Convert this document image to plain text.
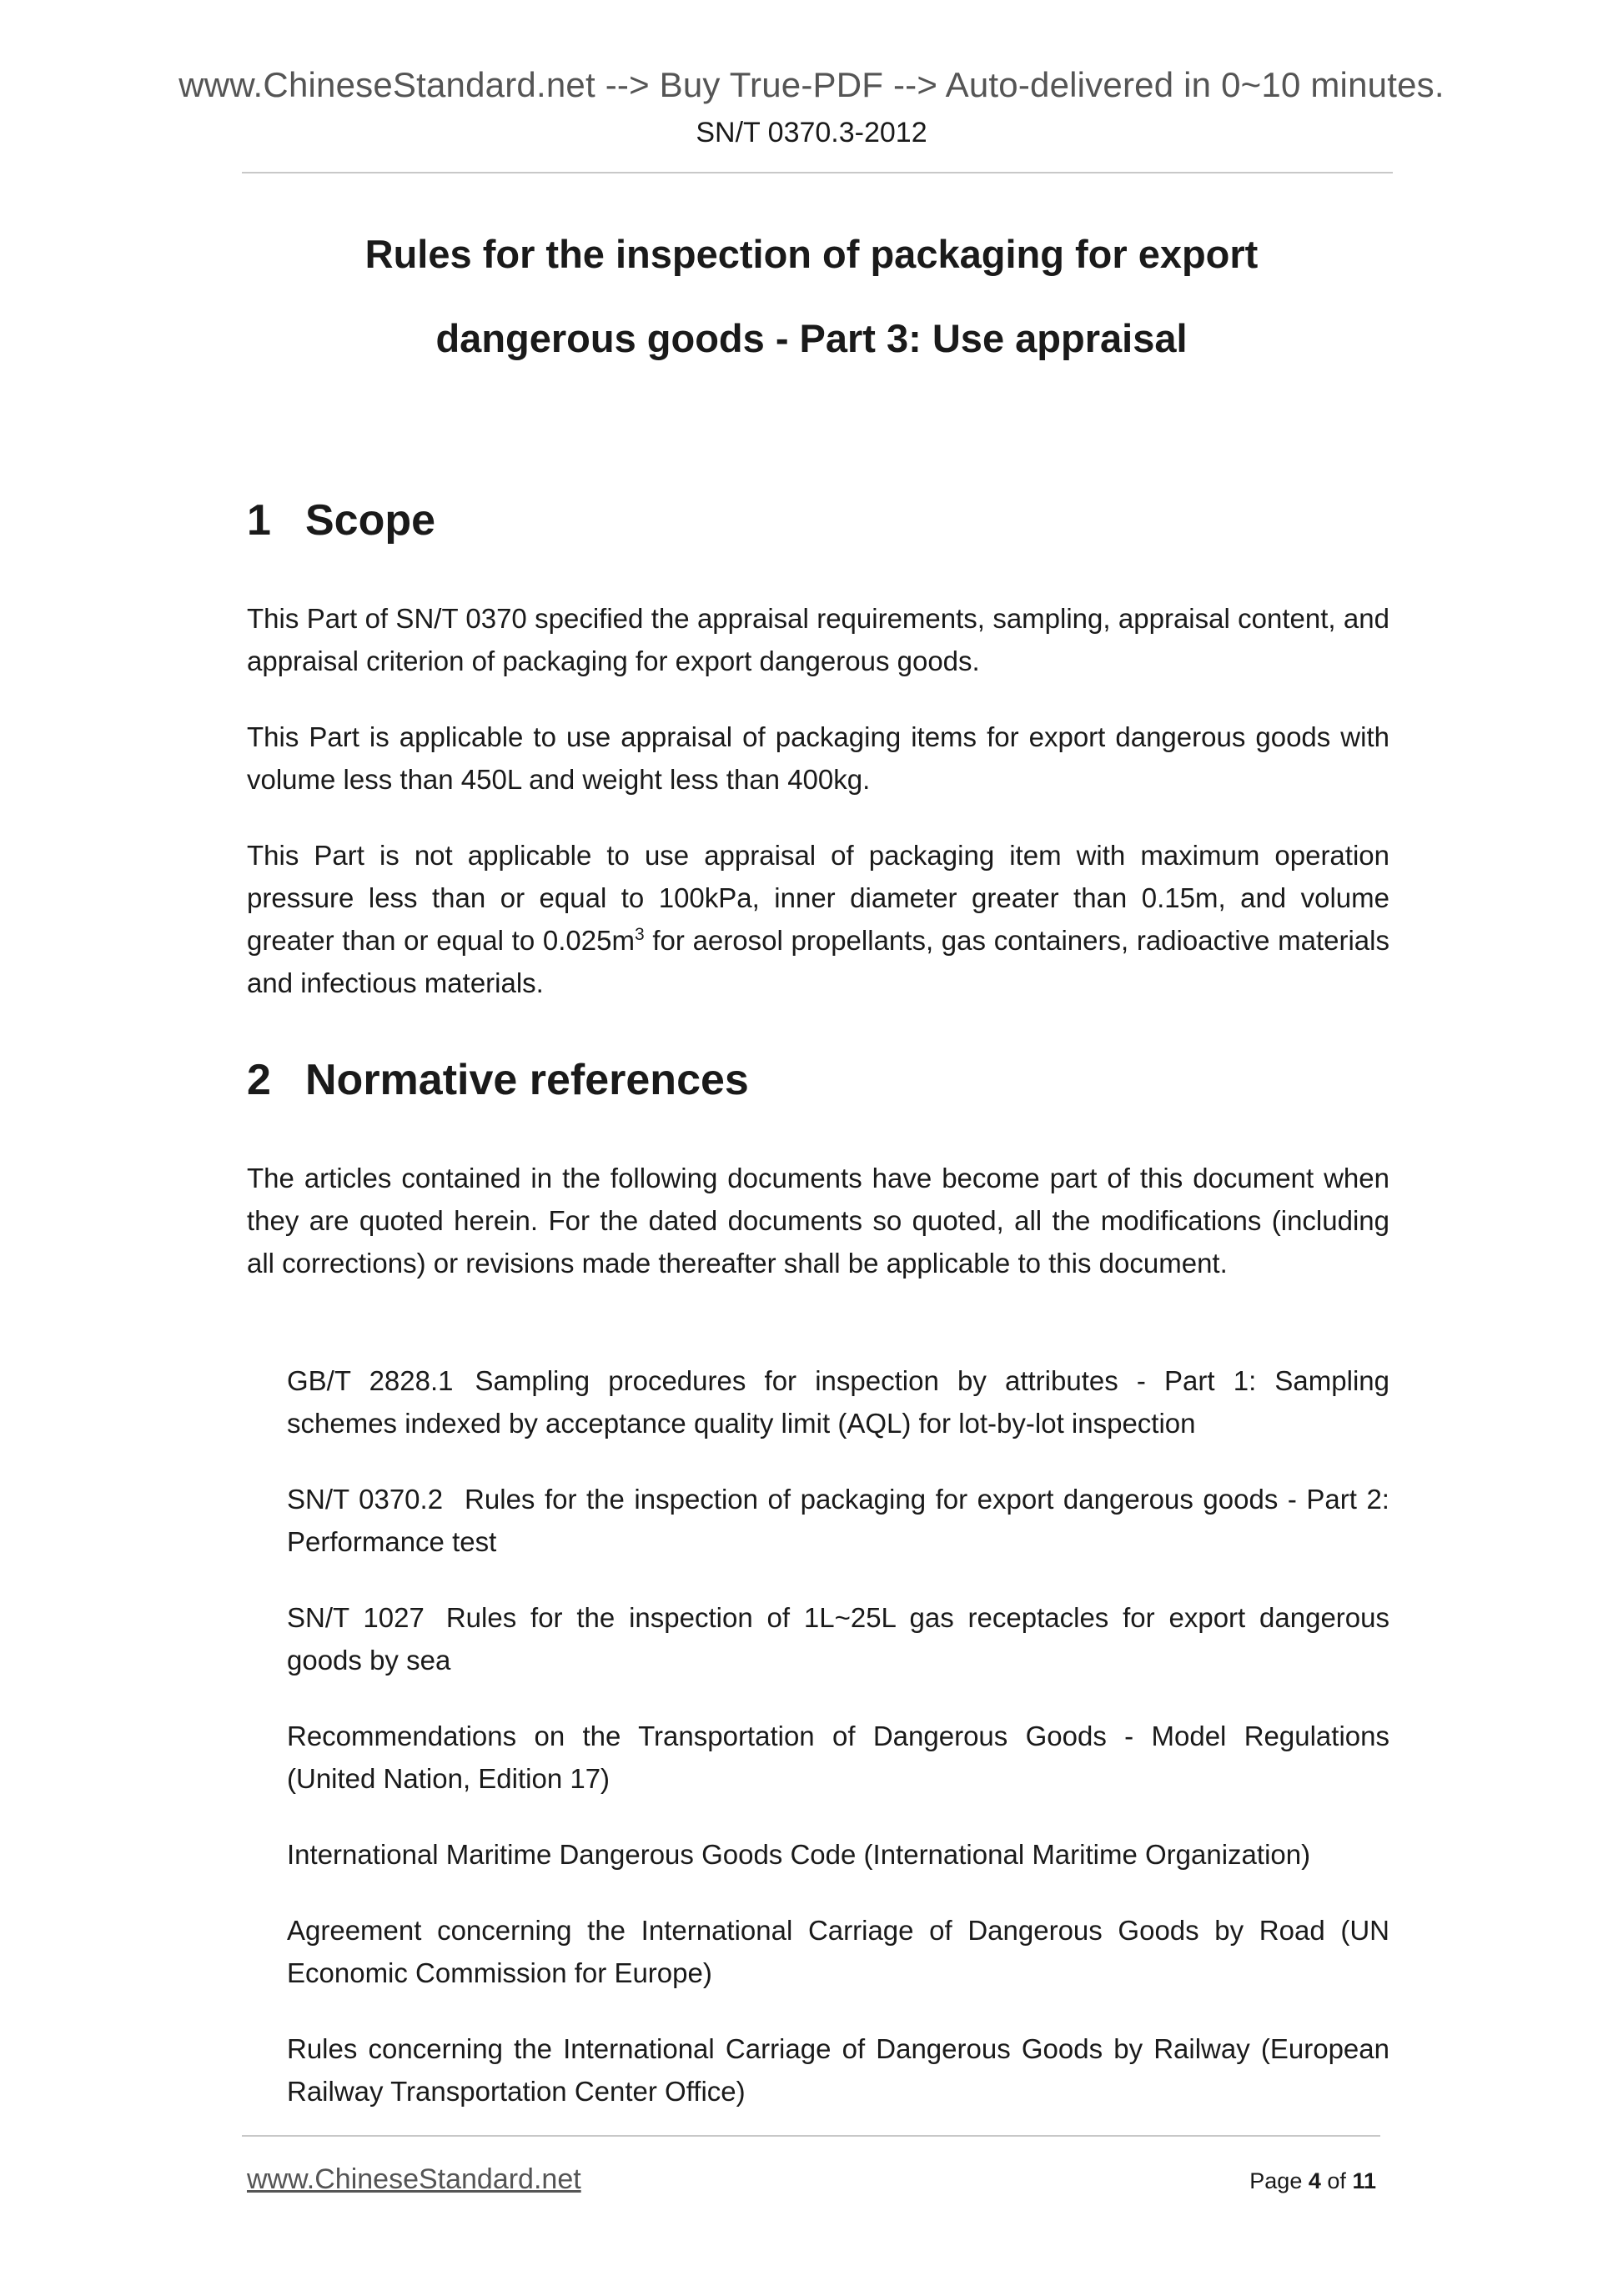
www.ChineseStandard.net --> Buy True-PDF --> Auto-delivered in 0~10 minutes.
SN/T 0370.3-2012
Rules for the inspection of packaging for export
dangerous goods - Part 3: Use appraisal
1 Scope
This Part of SN/T 0370 specified the appraisal requirements, sampling, appraisal content, and appraisal criterion of packaging for export dangerous goods.
This Part is applicable to use appraisal of packaging items for export dangerous goods with volume less than 450L and weight less than 400kg.
This Part is not applicable to use appraisal of packaging item with maximum operation pressure less than or equal to 100kPa, inner diameter greater than 0.15m, and volume greater than or equal to $0.025m^3$ for aerosol propellants, gas containers, radioactive materials and infectious materials.
2 Normative references
The articles contained in the following documents have become part of this document when they are quoted herein. For the dated documents so quoted, all the modifications (including all corrections) or revisions made thereafter shall be applicable to this document.
GB/T 2828.1 Sampling procedures for inspection by attributes - Part 1: Sampling schemes indexed by acceptance quality limit (AQL) for lot-by-lot inspection
SN/T 0370.2 Rules for the inspection of packaging for export dangerous goods - Part 2: Performance test
SN/T 1027 Rules for the inspection of 1L~25L gas receptacles for export dangerous goods by sea
Recommendations on the Transportation of Dangerous Goods - Model Regulations (United Nation, Edition 17)
International Maritime Dangerous Goods Code (International Maritime Organization)
Agreement concerning the International Carriage of Dangerous Goods by Road (UN Economic Commission for Europe)
Rules concerning the International Carriage of Dangerous Goods by Railway (European Railway Transportation Center Office)
www.ChineseStandard.net	Page 4 of 11
